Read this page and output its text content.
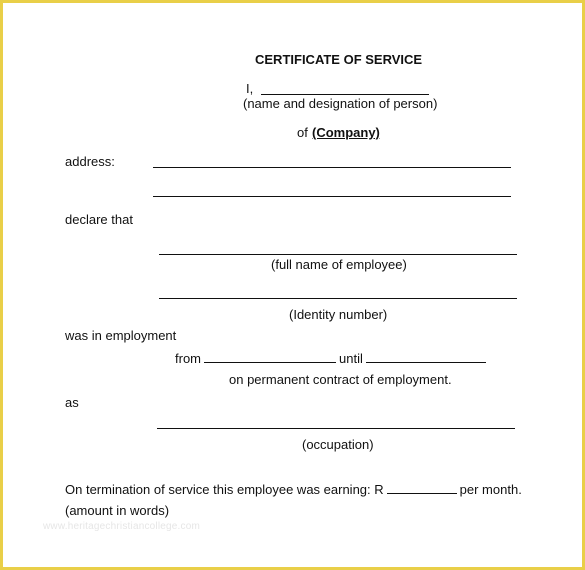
CERTIFICATE OF SERVICE
I,
(name and designation of person)
of (Company)
address:
declare that
(full name of employee)
(Identity number)
was in employment
from	until
on permanent contract of employment.
as
(occupation)
On termination of service this employee was earning: R	per month.
(amount in words)
www.heritagechristiancollege.com
